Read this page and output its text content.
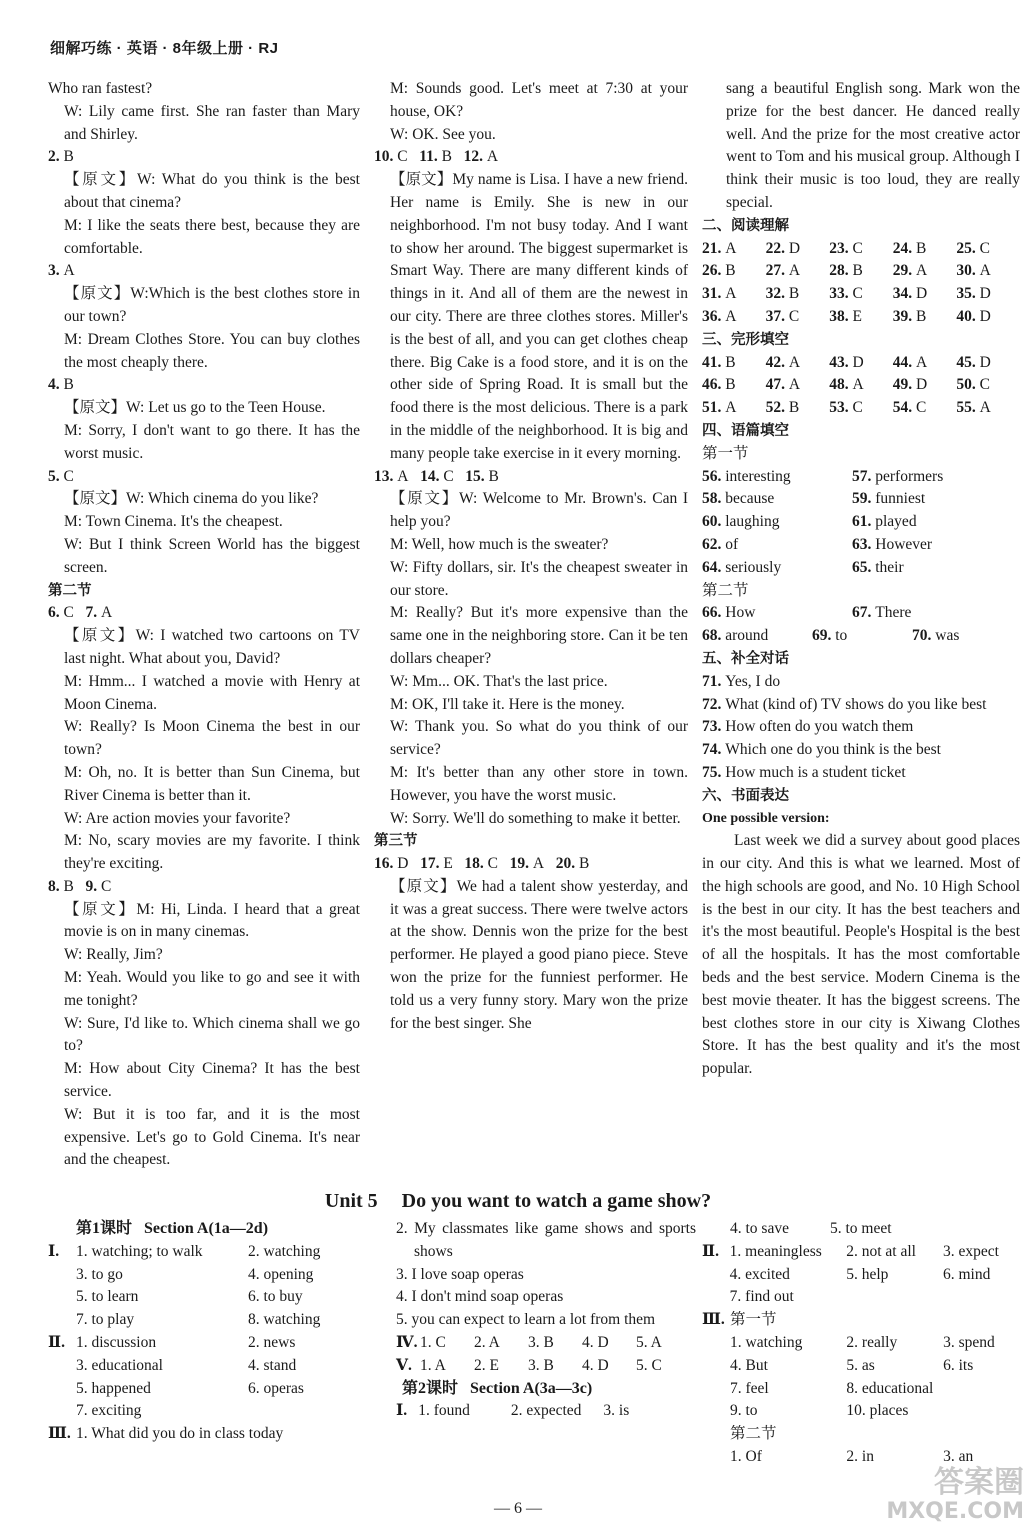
细解巧练 · 英语 · 8年级上册 · RJ

Who ran fastest?

W: Lily came first. She ran faster than Mary and Shirley.

2. B

【原文】W: What do you think is the best about that cinema?

M: I like the seats there best, because they are comfortable.

3. A

【原文】W:Which is the best clothes store in our town?

M: Dream Clothes Store. You can buy clothes the most cheaply there.

4. B

【原文】W: Let us go to the Teen House.

M: Sorry, I don't want to go there. It has the worst music.

5. C

【原文】W: Which cinema do you like?

M: Town Cinema. It's the cheapest.

W: But I think Screen World has the biggest screen.

第二节
6. C   7. A

【原文】W: I watched two cartoons on TV last night. What about you, David?

M: Hmm... I watched a movie with Henry at Moon Cinema.

W: Really? Is Moon Cinema the best in our town?

M: Oh, no. It is better than Sun Cinema, but River Cinema is better than it.

W: Are action movies your favorite?

M: No, scary movies are my favorite. I think they're exciting.

8. B   9. C

【原文】M: Hi, Linda. I heard that a great movie is on in many cinemas.

W: Really, Jim?

M: Yeah. Would you like to go and see it with me tonight?

W: Sure, I'd like to. Which cinema shall we go to?

M: How about City Cinema? It has the best service.

W: But it is too far, and it is the most expensive. Let's go to Gold Cinema. It's near and the cheapest.

M: Sounds good. Let's meet at 7:30 at your house, OK?

W: OK. See you.

10. C   11. B   12. A

【原文】My name is Lisa. I have a new friend. Her name is Emily. She is new in our neighborhood. I'm not busy today. And I want to show her around. The biggest supermarket is Smart Way. There are many different kinds of things in it. And all of them are the newest in our city. There are three clothes stores. Miller's is the best of all, and you can get clothes cheap there. Big Cake is a food store, and it is on the other side of Spring Road. It is small but the food there is the most delicious. There is a park in the middle of the neighborhood. It is big and many people take exercise in it every morning.

13. A   14. C   15. B

【原文】W: Welcome to Mr. Brown's. Can I help you?

M: Well, how much is the sweater?

W: Fifty dollars, sir. It's the cheapest sweater in our store.

M: Really? But it's more expensive than the same one in the neighboring store. Can it be ten dollars cheaper?

W: Mm... OK. That's the last price.

M: OK, I'll take it. Here is the money.

W: Thank you. So what do you think of our service?

M: It's better than any other store in town. However, you have the worst music.

W: Sorry. We'll do something to make it better.

第三节
16. D   17. E   18. C   19. A   20. B

【原文】We had a talent show yesterday, and it was a great success. There were twelve actors at the show. Dennis won the prize for the best performer. He played a good piano piece. Steve won the prize for the funniest performer. He told us a very funny story. Mary won the prize for the best singer. She

sang a beautiful English song. Mark won the prize for the best dancer. He danced really well. And the prize for the most creative actor went to Tom and his musical group. Although I think their music is too loud, they are really special.

二、阅读理解
21. A	22. D	23. C	24. B	25. C
26. B	27. A	28. B	29. A	30. A
31. A	32. B	33. C	34. D	35. D
36. A	37. C	38. E	39. B	40. D
三、完形填空
41. B	42. A	43. D	44. A	45. D
46. B	47. A	48. A	49. D	50. C
51. A	52. B	53. C	54. C	55. A
四、语篇填空
第一节
56. interesting	57. performers
58. because	59. funniest
60. laughing	61. played
62. of	63. However
64. seriously	65. their
第二节
66. How	67. There
68. around	69. to	70. was
五、补全对话
71. Yes, I do
72. What (kind of) TV shows do you like best
73. How often do you watch them
74. Which one do you think is the best
75. How much is a student ticket
六、书面表达
One possible version:

Last week we did a survey about good places in our city. And this is what we learned. Most of the high schools are good, and No. 10 High School is the best in our city. It has the best teachers and it's the most beautiful. People's Hospital is the best of all the hospitals. It has the most comfortable beds and the best service. Modern Cinema is the best movie theater. It has the biggest screens. The best clothes store in our city is Xiwang Clothes Store. It has the best quality and it's the most popular.

Unit 5 Do you want to watch a game show?
第1课时 Section A(1a—2d)
Ⅰ.	1. watching; to walk	2. watching
3. to go	4. opening
5. to learn	6. to buy
7. to play	8. watching
Ⅱ. 1. discussion	2. news
3. educational	4. stand
5. happened	6. operas
7. exciting
Ⅲ. 1. What did you do in class today

2. My classmates like game shows and sports shows

3. I love soap operas

4. I don't mind soap operas

5. you can expect to learn a lot from them

Ⅳ. 1. C	2. A	3. B	4. D	5. A
Ⅴ. 1. A	2. E	3. B	4. D	5. C
第2课时 Section A(3a—3c)
Ⅰ. 1. found	2. expected	3. is
4. to save	5. to meet
Ⅱ. 1. meaningless	2. not at all	3. expect
4. excited	5. help	6. mind
7. find out
Ⅲ. 第一节
1. watching	2. really	3. spend
4. But	5. as	6. its
7. feel	8. educational
9. to	10. places
第二节
1. Of	2. in	3. an
— 6 —
答案圈
MXQE.COM
